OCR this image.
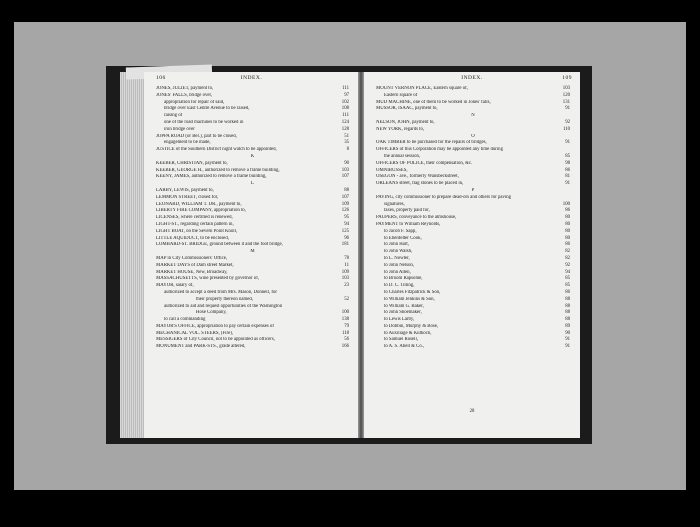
106	INDEX.
JONES, JULIET, payment to,	111
JONES' FALLS, bridge over,	97
appropriation for repair of said,	102
bridge over East Centre Avenue to be raised,	108
raising of	111
one of the road machines to be worked in	124
iron bridge over	128
JOPPA ROAD (or Bel.), part to be closed,	51
engagement to be made,	35
JUSTICE of the Southern District night watch to be appointed,	8
K
KEEBER, CHRISTIAN, payment to,	90
KEEBER, GEORGE H., authorized to remove a frame building,	103
KEENY, JAMES, authorized to remove a frame building,	107
L
LARBY, LEWIS, payment to,	88
LEMMON STREET, closed for,	107
LEONARD, WILLIAM T. DR., payment to,	109
LIBERTY FIRE COMPANY, appropriation to,	126
LICENSES, where certified is renewed,	95
LIGHT-ST., regarding certain pattern in,	94
LIGHT BOAT, on the Severn Point Knoll,	125
LITTLE AQUIDUCT, to be enclosed,	96
LOMBARD-ST. BRIDGE, ground between it and the foot bridge,	181
M
MAP in City Commissioners' Office,	78
MARKET DAYS of Dam street Market,	11
MARKET HOUSE, New, Broadway,	109
MASSACHUSETTS, wine presented by governor of,	103
MAYOR, salary of,	23
authorized to accept a deed from Mrs. Mason, Donnell, for
their property thereon named,	52
authorized to aid and request opportunities of the Washington
Hose Company,	100
to call a commanding	138
MAYOR'S OFFICE, appropriation to pay certain expenses of	79
MECHANICAL VOL. STEERS, (Fire),	118
MESSIGERS of City Council, not to be appointed as officers,	56
MONUMENT and PARK-STS., grade altered,	166
INDEX.	109
MOUNT VERNON PLACE, Eastern square of,	103
Eastern square of	120
MUD MACHINE, one of them to be worked in Jones' falls,	131
MUSSOR, ISAAC, payment to,	91
N
NELSON, JOHN, payment to,	92
NEW YORK, regards to,	110
O
OAK TIMBER to be purchased for the repairs of bridges,	91
OFFICERS of this Corporation may be appointed any time during
the annual session,	85
OFFICERS OF POLICE, their compensation, &c.	98
OMNIBUSSES,	86
OSEGON - ave., formerly Wansbeckstreet,	81
ORLEANS street, flag stones to be placed in,	91
P
PAVING, city commissioner to prepare dead-ors and others for paving
signatures,	100
taxes, property paid for,	86
PAUPERS, conveyance to the almshouse,	80
PAYMENT to William Reynolds,	80
to Jacob F. Sapp,	80
to Ebenfelter Cook,	80
to John Hart,	86
to John Walsh,	82
to L. Nowter,	82
to John Nelson,	92
to John Allen,	94
to Broom Rapsome,	85
to D. C. Tilling,	85
to Charles Fitzpatrick & Son,	86
to William Jenkins & Son,	88
to William G. Baker,	88
to John Shoemaker,	88
to Lewis Larby,	88
to Dobbin, Murphy & Bose,	89
to Auxiliage & Kuthoch,	90
to Samuel Rosell,	91
to A. S. Abell & Co.,	91
28
